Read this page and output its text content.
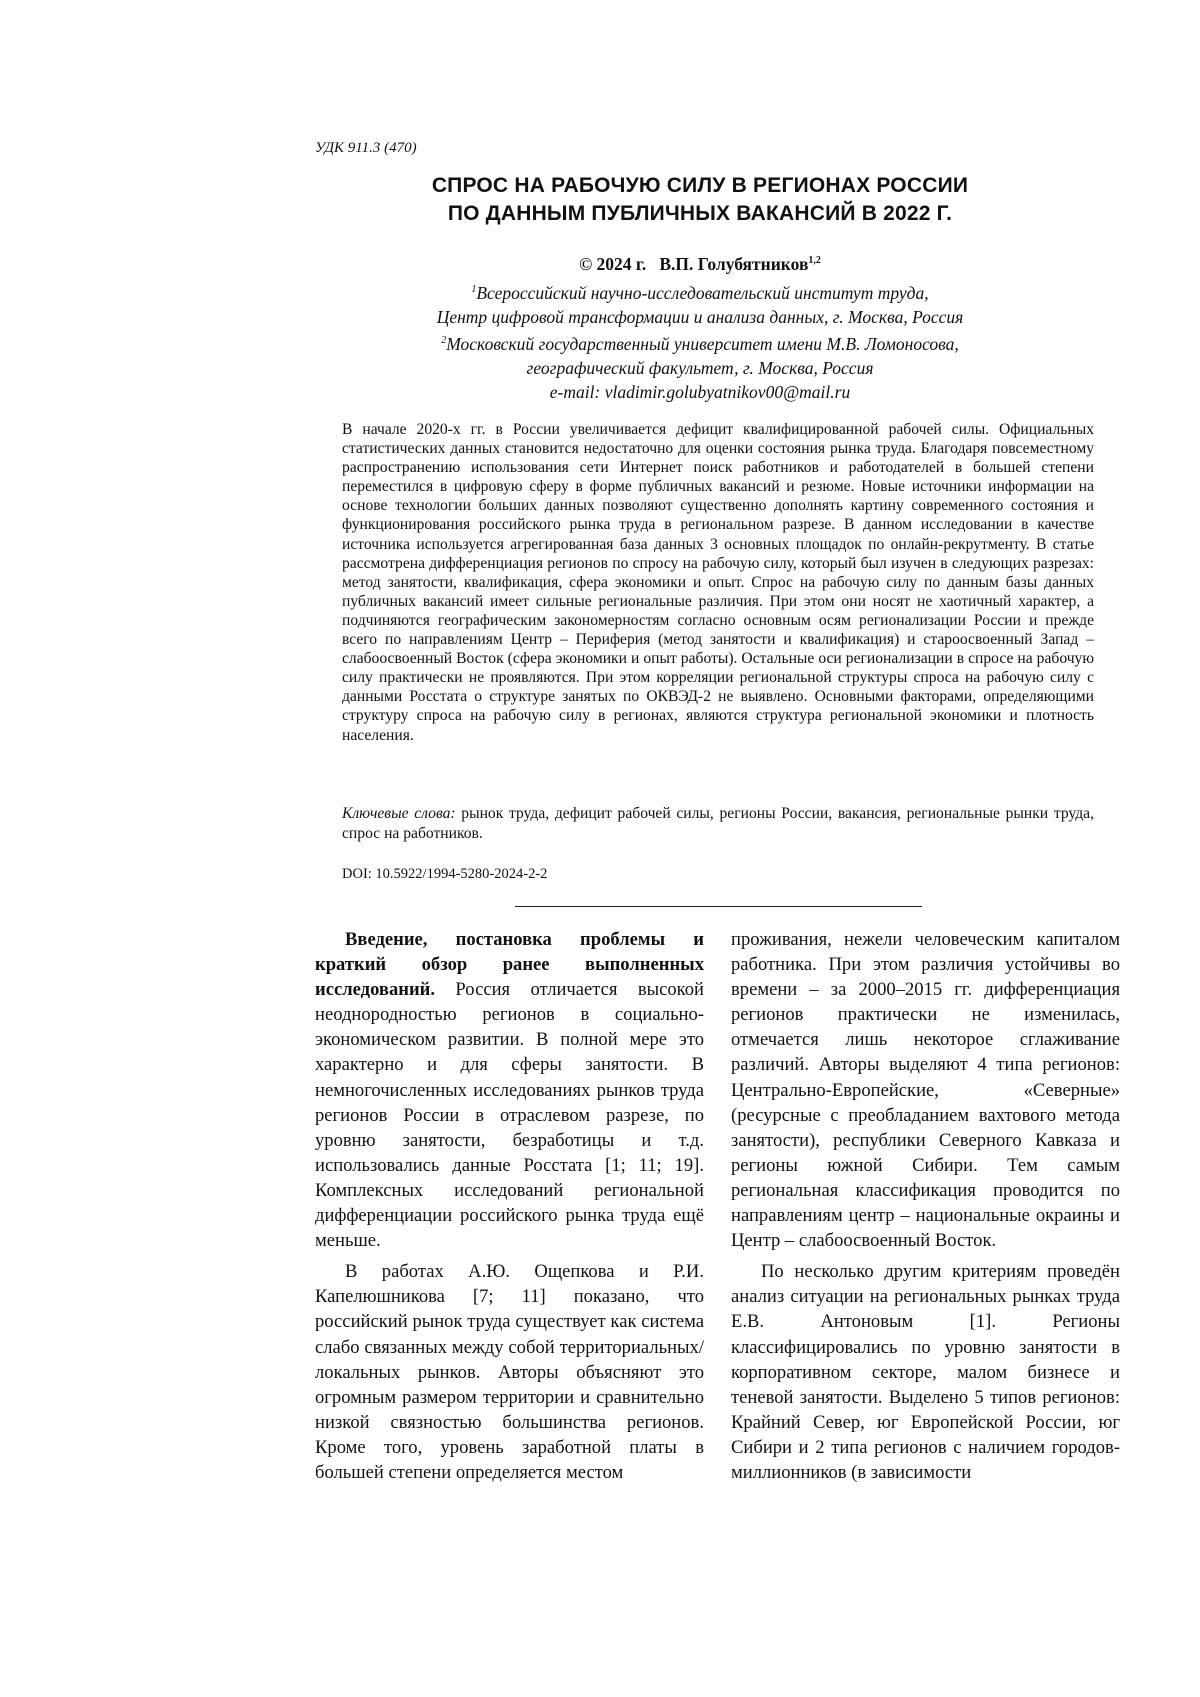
УДК 911.3 (470)
СПРОС НА РАБОЧУЮ СИЛУ В РЕГИОНАХ РОССИИ
ПО ДАННЫМ ПУБЛИЧНЫХ ВАКАНСИЙ В 2022 Г.
© 2024 г. В.П. Голубятников$^{1,2}$
$^1$Всероссийский научно-исследовательский институт труда,
Центр цифровой трансформации и анализа данных, г. Москва, Россия
$^2$Московский государственный университет имени М.В. Ломоносова,
географический факультет, г. Москва, Россия
e-mail: vladimir.golubyatnikov00@mail.ru
В начале 2020-х гг. в России увеличивается дефицит квалифицированной рабочей силы. Официальных статистических данных становится недостаточно для оценки состояния рынка труда. Благодаря повсеместному распространению использования сети Интернет поиск работников и работодателей в большей степени переместился в цифровую сферу в форме публичных вакансий и резюме. Новые источники информации на основе технологии больших данных позволяют существенно дополнять картину современного состояния и функционирования российского рынка труда в региональном разрезе. В данном исследовании в качестве источника используется агрегированная база данных 3 основных площадок по онлайн-рекрутменту. В статье рассмотрена дифференциация регионов по спросу на рабочую силу, который был изучен в следующих разрезах: метод занятости, квалификация, сфера экономики и опыт. Спрос на рабочую силу по данным базы данных публичных вакансий имеет сильные региональные различия. При этом они носят не хаотичный характер, а подчиняются географическим закономерностям согласно основным осям регионализации России и прежде всего по направлениям Центр – Периферия (метод занятости и квалификация) и староосвоенный Запад – слабоосвоенный Восток (сфера экономики и опыт работы). Остальные оси регионализации в спросе на рабочую силу практически не проявляются. При этом корреляции региональной структуры спроса на рабочую силу с данными Росстата о структуре занятых по ОКВЭД-2 не выявлено. Основными факторами, определяющими структуру спроса на рабочую силу в регионах, являются структура региональной экономики и плотность населения.
Ключевые слова: рынок труда, дефицит рабочей силы, регионы России, вакансия, региональные рынки труда, спрос на работников.
DOI: 10.5922/1994-5280-2024-2-2

Введение, постановка проблемы и краткий обзор ранее выполненных исследований. Россия отличается высокой неоднородностью регионов в социально-экономическом развитии. В полной мере это характерно и для сферы занятости. В немногочисленных исследованиях рынков труда регионов России в отраслевом разрезе, по уровню занятости, безработицы и т.д. использовались данные Росстата [1; 11; 19]. Комплексных исследований региональной дифференциации российского рынка труда ещё меньше.

В работах А.Ю. Ощепкова и Р.И. Капелюшникова [7; 11] показано, что российский рынок труда существует как система слабо связанных между собой территориальных/локальных рынков. Авторы объясняют это огромным размером территории и сравнительно низкой связностью большинства регионов. Кроме того, уровень заработной платы в большей степени определяется местом

проживания, нежели человеческим капиталом работника. При этом различия устойчивы во времени – за 2000–2015 гг. дифференциация регионов практически не изменилась, отмечается лишь некоторое сглаживание различий. Авторы выделяют 4 типа регионов: Центрально-Европейские, «Северные» (ресурсные с преобладанием вахтового метода занятости), республики Северного Кавказа и регионы южной Сибири. Тем самым региональная классификация проводится по направлениям центр – национальные окраины и Центр – слабоосвоенный Восток.

По несколько другим критериям проведён анализ ситуации на региональных рынках труда Е.В. Антоновым [1]. Регионы классифицировались по уровню занятости в корпоративном секторе, малом бизнесе и теневой занятости. Выделено 5 типов регионов: Крайний Север, юг Европейской России, юг Сибири и 2 типа регионов с наличием городов-миллионников (в зависимости
